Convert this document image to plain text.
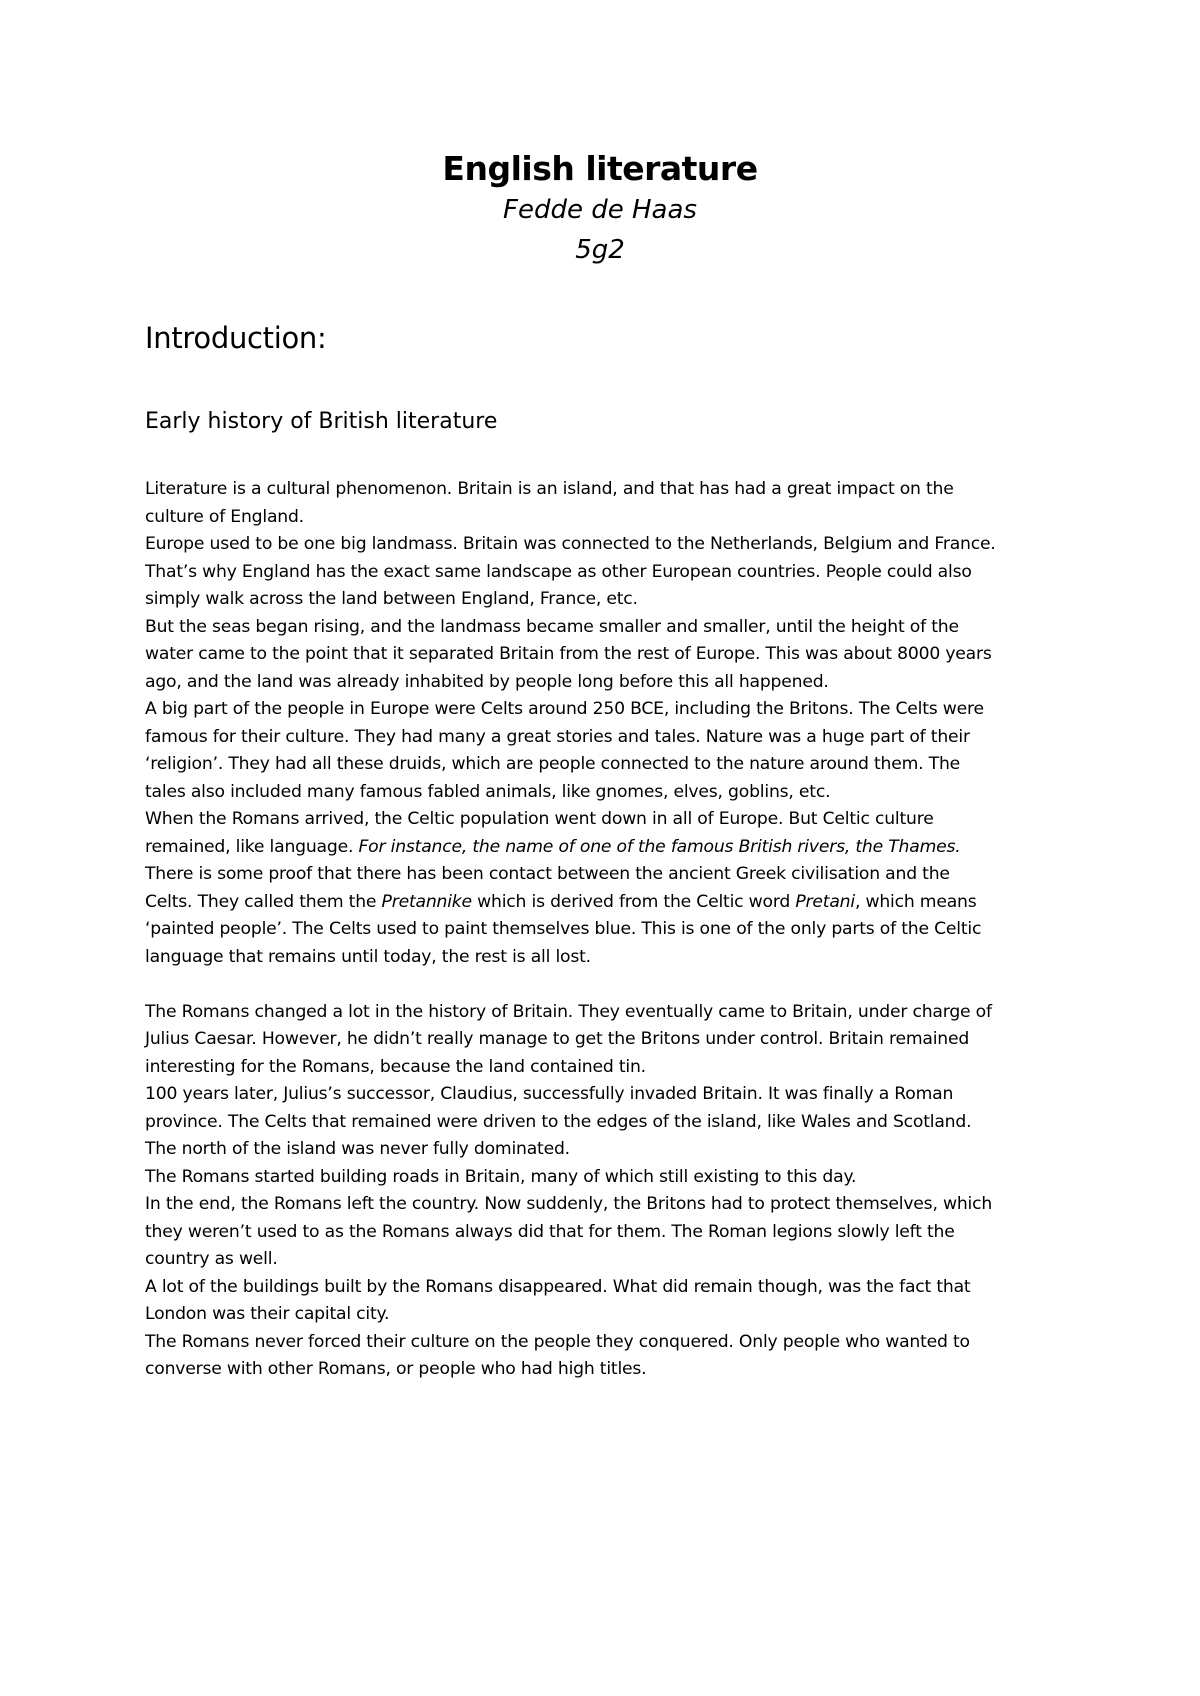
English literature
Fedde de Haas
5g2
Introduction:
Early history of British literature
Literature is a cultural phenomenon. Britain is an island, and that has had a great impact on the
culture of England.
Europe used to be one big landmass. Britain was connected to the Netherlands, Belgium and France.
That’s why England has the exact same landscape as other European countries. People could also
simply walk across the land between England, France, etc.
But the seas began rising, and the landmass became smaller and smaller, until the height of the
water came to the point that it separated Britain from the rest of Europe. This was about 8000 years
ago, and the land was already inhabited by people long before this all happened.
A big part of the people in Europe were Celts around 250 BCE, including the Britons. The Celts were
famous for their culture. They had many a great stories and tales. Nature was a huge part of their
‘religion’. They had all these druids, which are people connected to the nature around them. The
tales also included many famous fabled animals, like gnomes, elves, goblins, etc.
When the Romans arrived, the Celtic population went down in all of Europe. But Celtic culture
remained, like language. For instance, the name of one of the famous British rivers, the Thames.
There is some proof that there has been contact between the ancient Greek civilisation and the
Celts. They called them the Pretannike which is derived from the Celtic word Pretani, which means
‘painted people’. The Celts used to paint themselves blue. This is one of the only parts of the Celtic
language that remains until today, the rest is all lost.
The Romans changed a lot in the history of Britain. They eventually came to Britain, under charge of
Julius Caesar. However, he didn’t really manage to get the Britons under control. Britain remained
interesting for the Romans, because the land contained tin.
100 years later, Julius’s successor, Claudius, successfully invaded Britain. It was finally a Roman
province. The Celts that remained were driven to the edges of the island, like Wales and Scotland.
The north of the island was never fully dominated.
The Romans started building roads in Britain, many of which still existing to this day.
In the end, the Romans left the country. Now suddenly, the Britons had to protect themselves, which
they weren’t used to as the Romans always did that for them. The Roman legions slowly left the
country as well.
A lot of the buildings built by the Romans disappeared. What did remain though, was the fact that
London was their capital city.
The Romans never forced their culture on the people they conquered. Only people who wanted to
converse with other Romans, or people who had high titles.
